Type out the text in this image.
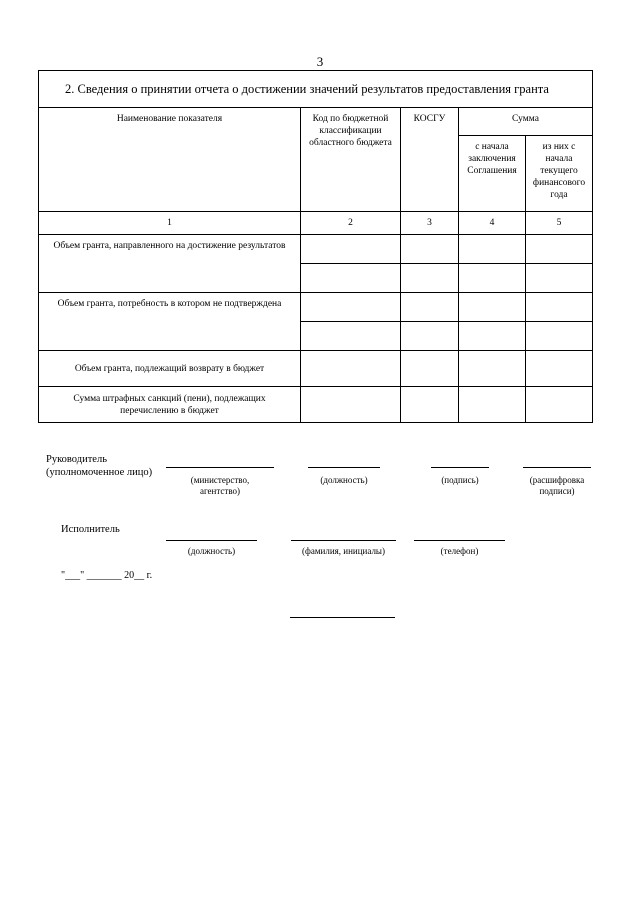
3
2. Сведения о принятии отчета о достижении значений результатов предоставления гранта				
Наименование показателя	Код по бюджетной классификации областного бюджета	КОСГУ	Сумма	
			с начала заключения Соглашения	из них с начала текущего финансового года
1	2	3	4	5
Объем гранта, направленного на достижение результатов				

Объем гранта, потребность в котором не подтверждена				

Объем гранта, подлежащий возврату в бюджет				
Сумма штрафных санкций (пени), подлежащих перечислению в бюджет				
Руководитель (уполномоченное лицо)
(министерство, агентство)
(должность)	(подпись)	(расшифровка подписи)
Исполнитель
(должность)	(фамилия, инициалы)	(телефон)
"___" _______ 20__ г.
